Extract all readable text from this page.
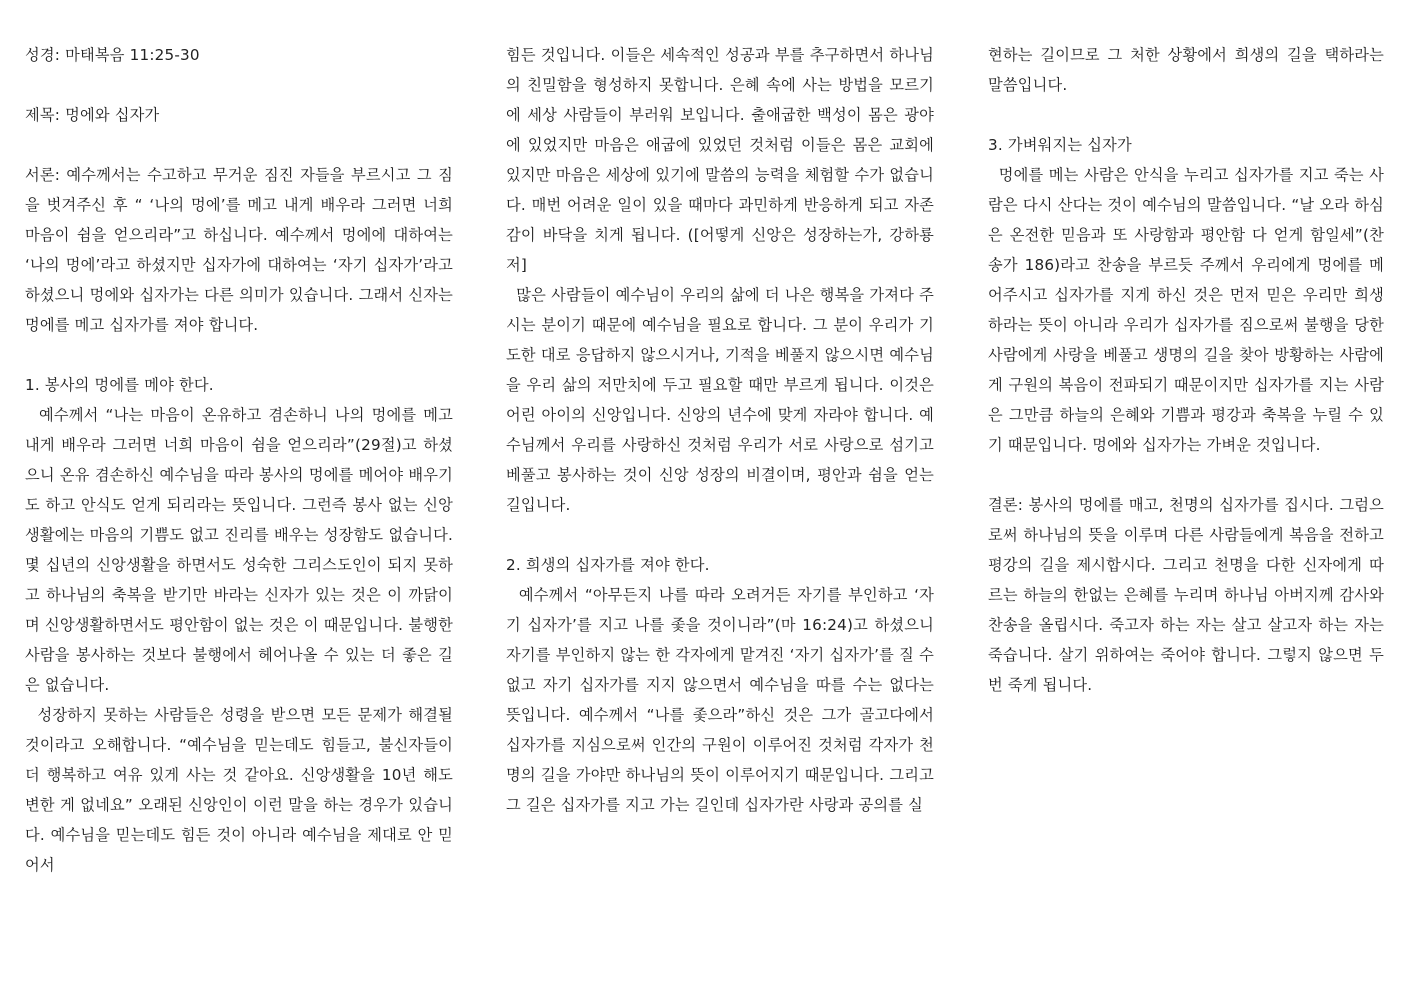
성경: 마태복음 11:25-30

제목: 멍에와 십자가

서론: 예수께서는 수고하고 무거운 짐진 자들을 부르시고 그 짐을 벗겨주신 후 “ ‘나의 멍에’를 메고 내게 배우라 그러면 너희 마음이 쉼을 얻으리라”고 하십니다. 예수께서 멍에에 대하여는 ‘나의 멍에’라고 하셨지만 십자가에 대하여는 ‘자기 십자가’라고 하셨으니 멍에와 십자가는 다른 의미가 있습니다. 그래서 신자는 멍에를 메고 십자가를 져야 합니다.

1. 봉사의 멍에를 메야 한다.

예수께서 “나는 마음이 온유하고 겸손하니 나의 멍에를 메고 내게 배우라 그러면 너희 마음이 쉼을 얻으리라”(29절)고 하셨으니 온유 겸손하신 예수님을 따라 봉사의 멍에를 메어야 배우기도 하고 안식도 얻게 되리라는 뜻입니다. 그런즉 봉사 없는 신앙 생활에는 마음의 기쁨도 없고 진리를 배우는 성장함도 없습니다. 몇 십년의 신앙생활을 하면서도 성숙한 그리스도인이 되지 못하고 하나님의 축복을 받기만 바라는 신자가 있는 것은 이 까닭이며 신앙생활하면서도 평안함이 없는 것은 이 때문입니다. 불행한 사람을 봉사하는 것보다 불행에서 헤어나올 수 있는 더 좋은 길은 없습니다.

성장하지 못하는 사람들은 성령을 받으면 모든 문제가 해결될 것이라고 오해합니다. “예수님을 믿는데도 힘들고, 불신자들이 더 행복하고 여유 있게 사는 것 같아요. 신앙생활을 10년 해도 변한 게 없네요” 오래된 신앙인이 이런 말을 하는 경우가 있습니다. 예수님을 믿는데도 힘든 것이 아니라 예수님을 제대로 안 믿어서

힘든 것입니다. 이들은 세속적인 성공과 부를 추구하면서 하나님의 친밀함을 형성하지 못합니다. 은혜 속에 사는 방법을 모르기에 세상 사람들이 부러워 보입니다. 출애굽한 백성이 몸은 광야에 있었지만 마음은 애굽에 있었던 것처럼 이들은 몸은 교회에 있지만 마음은 세상에 있기에 말씀의 능력을 체험할 수가 없습니다. 매번 어려운 일이 있을 때마다 과민하게 반응하게 되고 자존감이 바닥을 치게 됩니다. ([어떻게 신앙은 성장하는가, 강하룡 저]

많은 사람들이 예수님이 우리의 삶에 더 나은 행복을 가져다 주시는 분이기 때문에 예수님을 필요로 합니다. 그 분이 우리가 기도한 대로 응답하지 않으시거나, 기적을 베풀지 않으시면 예수님을 우리 삶의 저만치에 두고 필요할 때만 부르게 됩니다. 이것은 어린 아이의 신앙입니다. 신앙의 년수에 맞게 자라야 합니다. 예수님께서 우리를 사랑하신 것처럼 우리가 서로 사랑으로 섬기고 베풀고 봉사하는 것이 신앙 성장의 비결이며, 평안과 쉼을 얻는 길입니다.

2. 희생의 십자가를 져야 한다.

예수께서 “아무든지 나를 따라 오려거든 자기를 부인하고 ‘자기 십자가’를 지고 나를 좇을 것이니라”(마 16:24)고 하셨으니 자기를 부인하지 않는 한 각자에게 맡겨진 ‘자기 십자가’를 질 수 없고 자기 십자가를 지지 않으면서 예수님을 따를 수는 없다는 뜻입니다. 예수께서 “나를 좇으라”하신 것은 그가 골고다에서 십자가를 지심으로써 인간의 구원이 이루어진 것처럼 각자가 천명의 길을 가야만 하나님의 뜻이 이루어지기 때문입니다. 그리고 그 길은 십자가를 지고 가는 길인데 십자가란 사랑과 공의를 실

현하는 길이므로 그 처한 상황에서 희생의 길을 택하라는 말씀입니다.

3. 가벼워지는 십자가

멍에를 메는 사람은 안식을 누리고 십자가를 지고 죽는 사람은 다시 산다는 것이 예수님의 말씀입니다. “날 오라 하심은 온전한 믿음과 또 사랑함과 평안함 다 얻게 함일세”(찬송가 186)라고 찬송을 부르듯 주께서 우리에게 멍에를 메어주시고 십자가를 지게 하신 것은 먼저 믿은 우리만 희생하라는 뜻이 아니라 우리가 십자가를 짐으로써 불행을 당한 사람에게 사랑을 베풀고 생명의 길을 찾아 방황하는 사람에게 구원의 복음이 전파되기 때문이지만 십자가를 지는 사람은 그만큼 하늘의 은혜와 기쁨과 평강과 축복을 누릴 수 있기 때문입니다. 멍에와 십자가는 가벼운 것입니다.

결론: 봉사의 멍에를 매고, 천명의 십자가를 집시다. 그럼으로써 하나님의 뜻을 이루며 다른 사람들에게 복음을 전하고 평강의 길을 제시합시다. 그리고 천명을 다한 신자에게 따르는 하늘의 한없는 은혜를 누리며 하나님 아버지께 감사와 찬송을 올립시다. 죽고자 하는 자는 살고 살고자 하는 자는 죽습니다. 살기 위하여는 죽어야 합니다. 그렇지 않으면 두 번 죽게 됩니다.
